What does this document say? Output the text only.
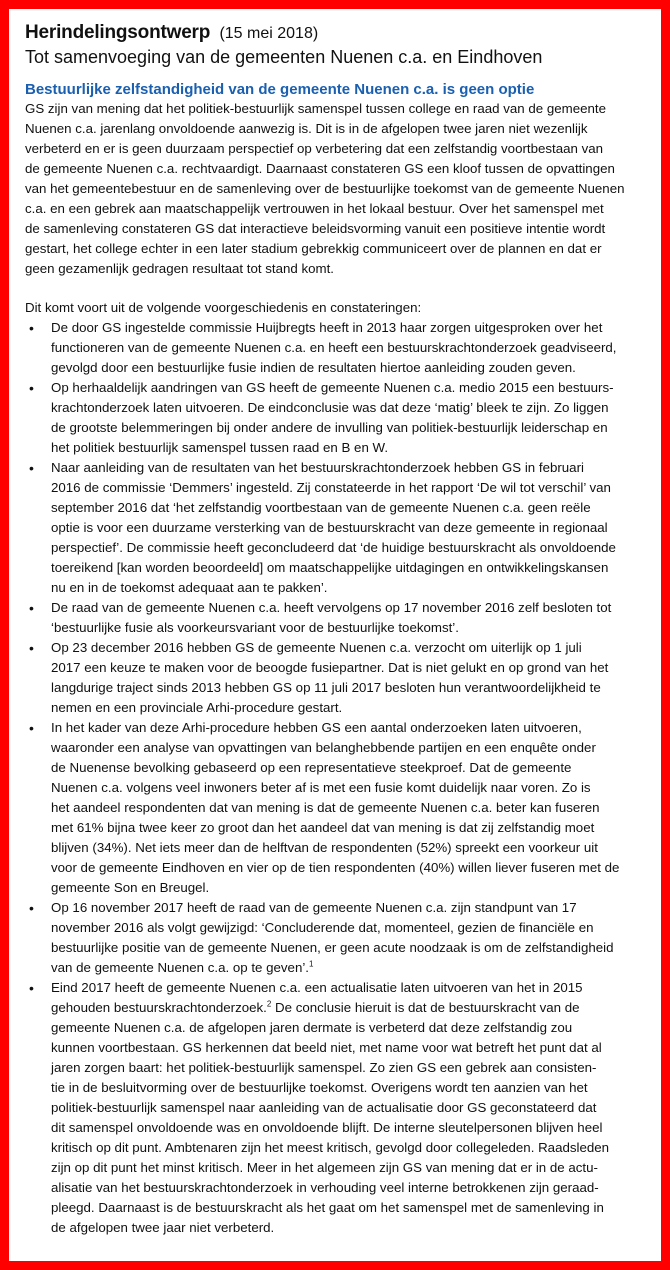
Herindelingsontwerp (15 mei 2018)
Tot samenvoeging van de gemeenten Nuenen c.a. en Eindhoven
Bestuurlijke zelfstandigheid van de gemeente Nuenen c.a. is geen optie
GS zijn van mening dat het politiek-bestuurlijk samenspel tussen college en raad van de gemeente
Nuenen c.a. jarenlang onvoldoende aanwezig is. Dit is in de afgelopen twee jaren niet wezenlijk
verbeterd en er is geen duurzaam perspectief op verbetering dat een zelfstandig voortbestaan van
de gemeente Nuenen c.a. rechtvaardigt. Daarnaast constateren GS een kloof tussen de opvattingen
van het gemeentebestuur en de samenleving over de bestuurlijke toekomst van de gemeente Nuenen
c.a. en een gebrek aan maatschappelijk vertrouwen in het lokaal bestuur. Over het samenspel met
de samenleving constateren GS dat interactieve beleidsvorming vanuit een positieve intentie wordt
gestart, het college echter in een later stadium gebrekkig communiceert over de plannen en dat er
geen gezamenlijk gedragen resultaat tot stand komt.
Dit komt voort uit de volgende voorgeschiedenis en constateringen:
• De door GS ingestelde commissie Huijbregts heeft in 2013 haar zorgen uitgesproken over het
functioneren van de gemeente Nuenen c.a. en heeft een bestuurskrachtonderzoek geadviseerd,
gevolgd door een bestuurlijke fusie indien de resultaten hiertoe aanleiding zouden geven.
• Op herhaaldelijk aandringen van GS heeft de gemeente Nuenen c.a. medio 2015 een bestuurs-
krachtonderzoek laten uitvoeren. De eindconclusie was dat deze ‘matig’ bleek te zijn. Zo liggen
de grootste belemmeringen bij onder andere de invulling van politiek-bestuurlijk leiderschap en
het politiek bestuurlijk samenspel tussen raad en B en W.
• Naar aanleiding van de resultaten van het bestuurskrachtonderzoek hebben GS in februari
2016 de commissie ‘Demmers’ ingesteld. Zij constateerde in het rapport ‘De wil tot verschil’ van
september 2016 dat ‘het zelfstandig voortbestaan van de gemeente Nuenen c.a. geen reële
optie is voor een duurzame versterking van de bestuurskracht van deze gemeente in regionaal
perspectief’. De commissie heeft geconcludeerd dat ‘de huidige bestuurskracht als onvoldoende
toereikend [kan worden beoordeeld] om maatschappelijke uitdagingen en ontwikkelingskansen
nu en in de toekomst adequaat aan te pakken’.
• De raad van de gemeente Nuenen c.a. heeft vervolgens op 17 november 2016 zelf besloten tot
‘bestuurlijke fusie als voorkeursvariant voor de bestuurlijke toekomst’.
• Op 23 december 2016 hebben GS de gemeente Nuenen c.a. verzocht om uiterlijk op 1 juli
2017 een keuze te maken voor de beoogde fusiepartner. Dat is niet gelukt en op grond van het
langdurige traject sinds 2013 hebben GS op 11 juli 2017 besloten hun verantwoordelijkheid te
nemen en een provinciale Arhi-procedure gestart.
• In het kader van deze Arhi-procedure hebben GS een aantal onderzoeken laten uitvoeren,
waaronder een analyse van opvattingen van belanghebbende partijen en een enquête onder
de Nuenense bevolking gebaseerd op een representatieve steekproef. Dat de gemeente
Nuenen c.a. volgens veel inwoners beter af is met een fusie komt duidelijk naar voren. Zo is
het aandeel respondenten dat van mening is dat de gemeente Nuenen c.a. beter kan fuseren
met 61% bijna twee keer zo groot dan het aandeel dat van mening is dat zij zelfstandig moet
blijven (34%). Net iets meer dan de helftvan de respondenten (52%) spreekt een voorkeur uit
voor de gemeente Eindhoven en vier op de tien respondenten (40%) willen liever fuseren met de
gemeente Son en Breugel.
• Op 16 november 2017 heeft de raad van de gemeente Nuenen c.a. zijn standpunt van 17
november 2016 als volgt gewijzigd: ‘Concluderende dat, momenteel, gezien de financiële en
bestuurlijke positie van de gemeente Nuenen, er geen acute noodzaak is om de zelfstandigheid
van de gemeente Nuenen c.a. op te geven’.$^1$
• Eind 2017 heeft de gemeente Nuenen c.a. een actualisatie laten uitvoeren van het in 2015
gehouden bestuurskrachtonderzoek.$^2$ De conclusie hieruit is dat de bestuurskracht van de
gemeente Nuenen c.a. de afgelopen jaren dermate is verbeterd dat deze zelfstandig zou
kunnen voortbestaan. GS herkennen dat beeld niet, met name voor wat betreft het punt dat al
jaren zorgen baart: het politiek-bestuurlijk samenspel. Zo zien GS een gebrek aan consisten-
tie in de besluitvorming over de bestuurlijke toekomst. Overigens wordt ten aanzien van het
politiek-bestuurlijk samenspel naar aanleiding van de actualisatie door GS geconstateerd dat
dit samenspel onvoldoende was en onvoldoende blijft. De interne sleutelpersonen blijven heel
kritisch op dit punt. Ambtenaren zijn het meest kritisch, gevolgd door collegeleden. Raadsleden
zijn op dit punt het minst kritisch. Meer in het algemeen zijn GS van mening dat er in de actu-
alisatie van het bestuurskrachtonderzoek in verhouding veel interne betrokkenen zijn geraad-
pleegd. Daarnaast is de bestuurskracht als het gaat om het samenspel met de samenleving in
de afgelopen twee jaar niet verbeterd.
